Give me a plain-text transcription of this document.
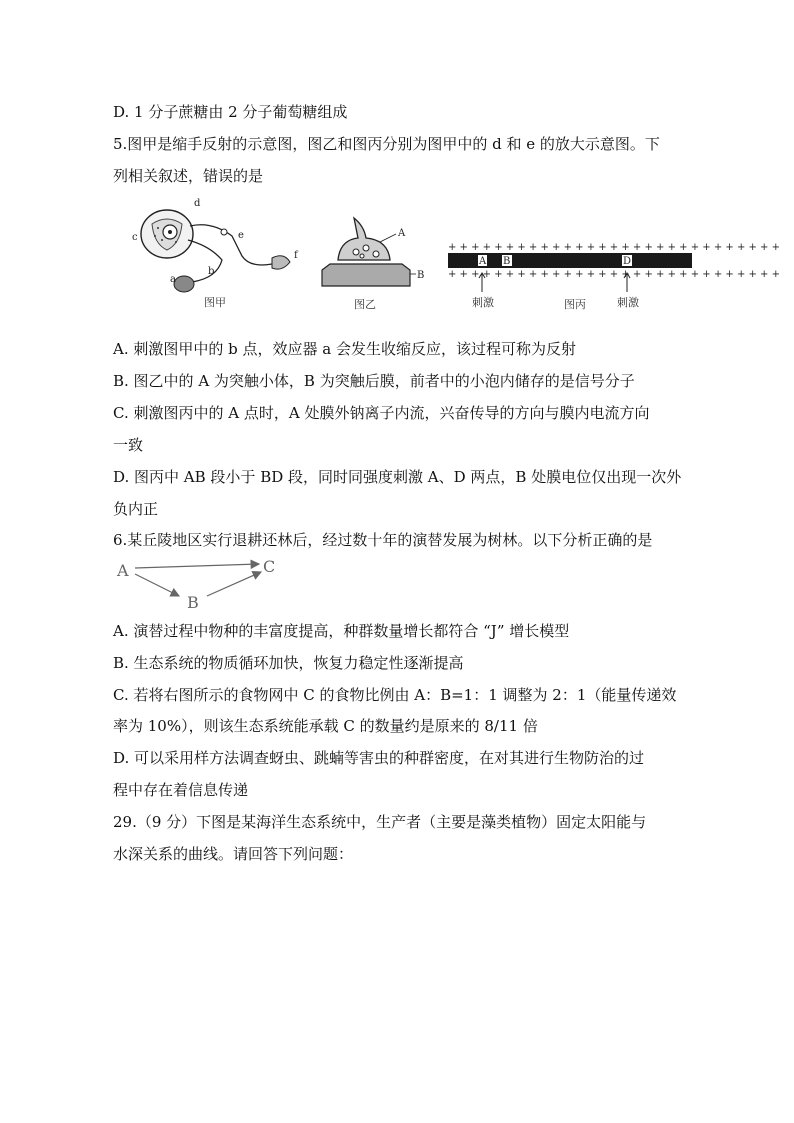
D. 1 分子蔗糖由 2 分子葡萄糖组成
5.图甲是缩手反射的示意图，图乙和图丙分别为图甲中的 d 和 e 的放大示意图。下
列相关叙述，错误的是
a
b
c
d
e
f
图甲
A
B
图乙
+ + + + + + + + + + + + + + + + + + + + + + + + + + + + +
A B	D
+ + + + + + + + + + + + + + + + + + + + + + + + + + + + +
刺激	刺激
图丙
A. 刺激图甲中的 b 点，效应器 a 会发生收缩反应，该过程可称为反射
B. 图乙中的 A 为突触小体，B 为突触后膜，前者中的小泡内储存的是信号分子
C. 刺激图丙中的 A 点时，A 处膜外钠离子内流，兴奋传导的方向与膜内电流方向
一致
D. 图丙中 AB 段小于 BD 段，同时同强度刺激 A、D 两点，B 处膜电位仅出现一次外
负内正
6.某丘陵地区实行退耕还林后，经过数十年的演替发展为树林。以下分析正确的是
A
B
C
A. 演替过程中物种的丰富度提高，种群数量增长都符合 “J” 增长模型
B. 生态系统的物质循环加快，恢复力稳定性逐渐提高
C. 若将右图所示的食物网中 C 的食物比例由 A：B=1：1 调整为 2：1（能量传递效
率为 10%），则该生态系统能承载 C 的数量约是原来的 8/11 倍
D. 可以采用样方法调查蚜虫、跳蝻等害虫的种群密度，在对其进行生物防治的过
程中存在着信息传递
29.（9 分）下图是某海洋生态系统中，生产者（主要是藻类植物）固定太阳能与
水深关系的曲线。请回答下列问题：
